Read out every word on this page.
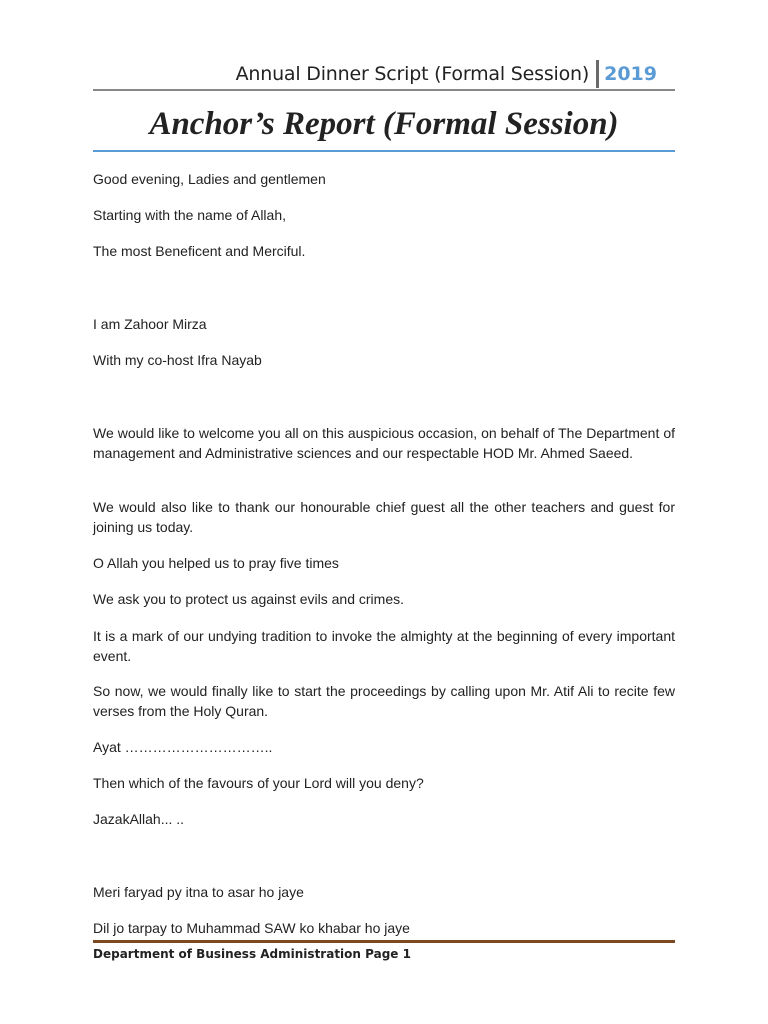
Annual Dinner Script (Formal Session) 2019
Anchor’s Report (Formal Session)

Good evening, Ladies and gentlemen

Starting with the name of Allah,

The most Beneficent and Merciful.

I am Zahoor Mirza

With my co-host Ifra Nayab

We would like to welcome you all on this auspicious occasion, on behalf of The Department of management and Administrative sciences and our respectable HOD Mr. Ahmed Saeed.

We would also like to thank our honourable chief guest all the other teachers and guest for joining us today.

O Allah you helped us to pray five times

We ask you to protect us against evils and crimes.

It is a mark of our undying tradition to invoke the almighty at the beginning of every important event.

So now, we would finally like to start the proceedings by calling upon Mr. Atif Ali to recite few verses from the Holy Quran.

Ayat …………………………..

Then which of the favours of your Lord will you deny?

JazakAllah... ..

Meri faryad py itna to asar ho jaye

Dil jo tarpay to Muhammad SAW ko khabar ho jaye

Department of Business Administration Page 1
